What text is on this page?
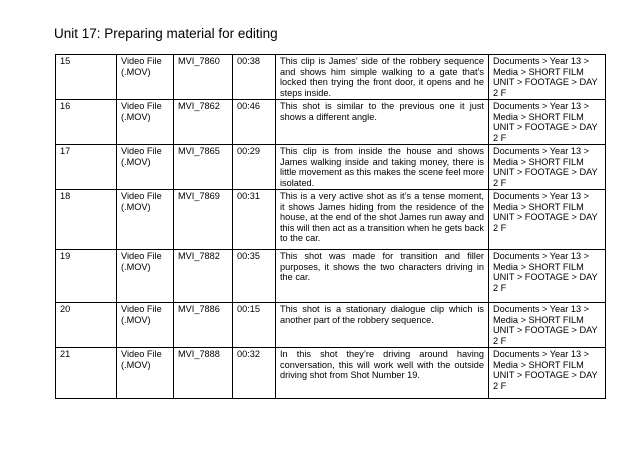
Unit 17: Preparing material for editing
15	Video File (.MOV)	MVI_7860	00:38	This clip is James’ side of the robbery sequence and shows him simple walking to a gate that’s locked then trying the front door, it opens and he steps inside.	Documents > Year 13 > Media > SHORT FILM UNIT > FOOTAGE > DAY 2 F
16	Video File (.MOV)	MVI_7862	00:46	This shot is similar to the previous one it just shows a different angle.	Documents > Year 13 > Media > SHORT FILM UNIT > FOOTAGE > DAY 2 F
17	Video File (.MOV)	MVI_7865	00:29	This clip is from inside the house and shows James walking inside and taking money, there is little movement as this makes the scene feel more isolated.	Documents > Year 13 > Media > SHORT FILM UNIT > FOOTAGE > DAY 2 F
18	Video File (.MOV)	MVI_7869	00:31	This is a very active shot as it’s a tense moment, it shows James hiding from the residence of the house, at the end of the shot James run away and this will then act as a transition when he gets back to the car.	Documents > Year 13 > Media > SHORT FILM UNIT > FOOTAGE > DAY 2 F
19	Video File (.MOV)	MVI_7882	00:35	This shot was made for transition and filler purposes, it shows the two characters driving in the car.	Documents > Year 13 > Media > SHORT FILM UNIT > FOOTAGE > DAY 2 F
20	Video File (.MOV)	MVI_7886	00:15	This shot is a stationary dialogue clip which is another part of the robbery sequence.	Documents > Year 13 > Media > SHORT FILM UNIT > FOOTAGE > DAY 2 F
21	Video File (.MOV)	MVI_7888	00:32	In this shot they’re driving around having conversation, this will work well with the outside driving shot from Shot Number 19.	Documents > Year 13 > Media > SHORT FILM UNIT > FOOTAGE > DAY 2 F
